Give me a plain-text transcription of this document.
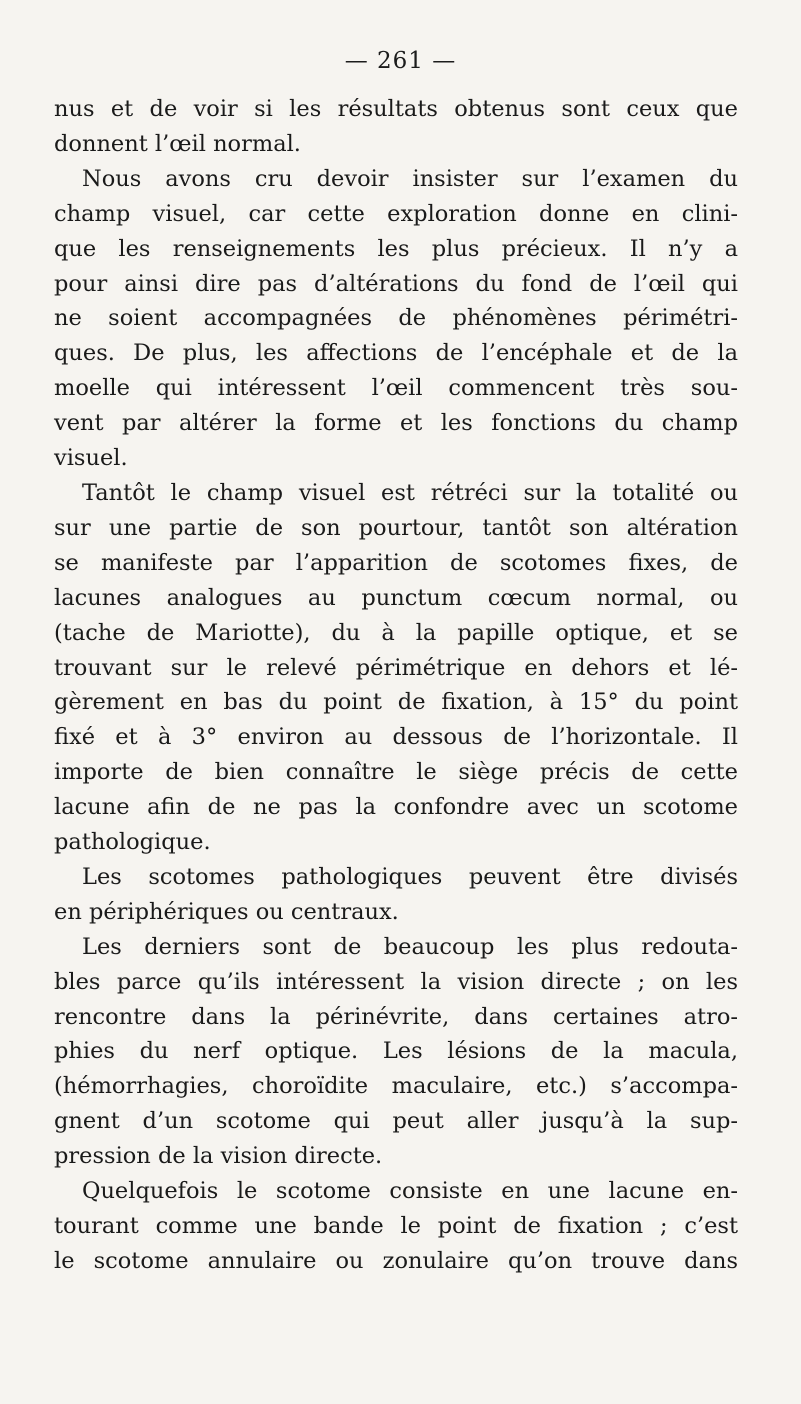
— 261 —
nus et de voir si les résultats obtenus sont ceux que
donnent l’œil normal.
Nous avons cru devoir insister sur l’examen du
champ visuel, car cette exploration donne en clini-
que les renseignements les plus précieux. Il n’y a
pour ainsi dire pas d’altérations du fond de l’œil qui
ne soient accompagnées de phénomènes périmétri-
ques. De plus, les affections de l’encéphale et de la
moelle qui intéressent l’œil commencent très sou-
vent par altérer la forme et les fonctions du champ
visuel.
Tantôt le champ visuel est rétréci sur la totalité ou
sur une partie de son pourtour, tantôt son altération
se manifeste par l’apparition de scotomes fixes, de
lacunes analogues au punctum cœcum normal, ou
(tache de Mariotte), du à la papille optique, et se
trouvant sur le relevé périmétrique en dehors et lé-
gèrement en bas du point de fixation, à 15° du point
fixé et à 3° environ au dessous de l’horizontale. Il
importe de bien connaître le siège précis de cette
lacune afin de ne pas la confondre avec un scotome
pathologique.
Les scotomes pathologiques peuvent être divisés
en périphériques ou centraux.
Les derniers sont de beaucoup les plus redouta-
bles parce qu’ils intéressent la vision directe ; on les
rencontre dans la périnévrite, dans certaines atro-
phies du nerf optique. Les lésions de la macula,
(hémorrhagies, choroïdite maculaire, etc.) s’accompa-
gnent d’un scotome qui peut aller jusqu’à la sup-
pression de la vision directe.
Quelquefois le scotome consiste en une lacune en-
tourant comme une bande le point de fixation ; c’est
le scotome annulaire ou zonulaire qu’on trouve dans
